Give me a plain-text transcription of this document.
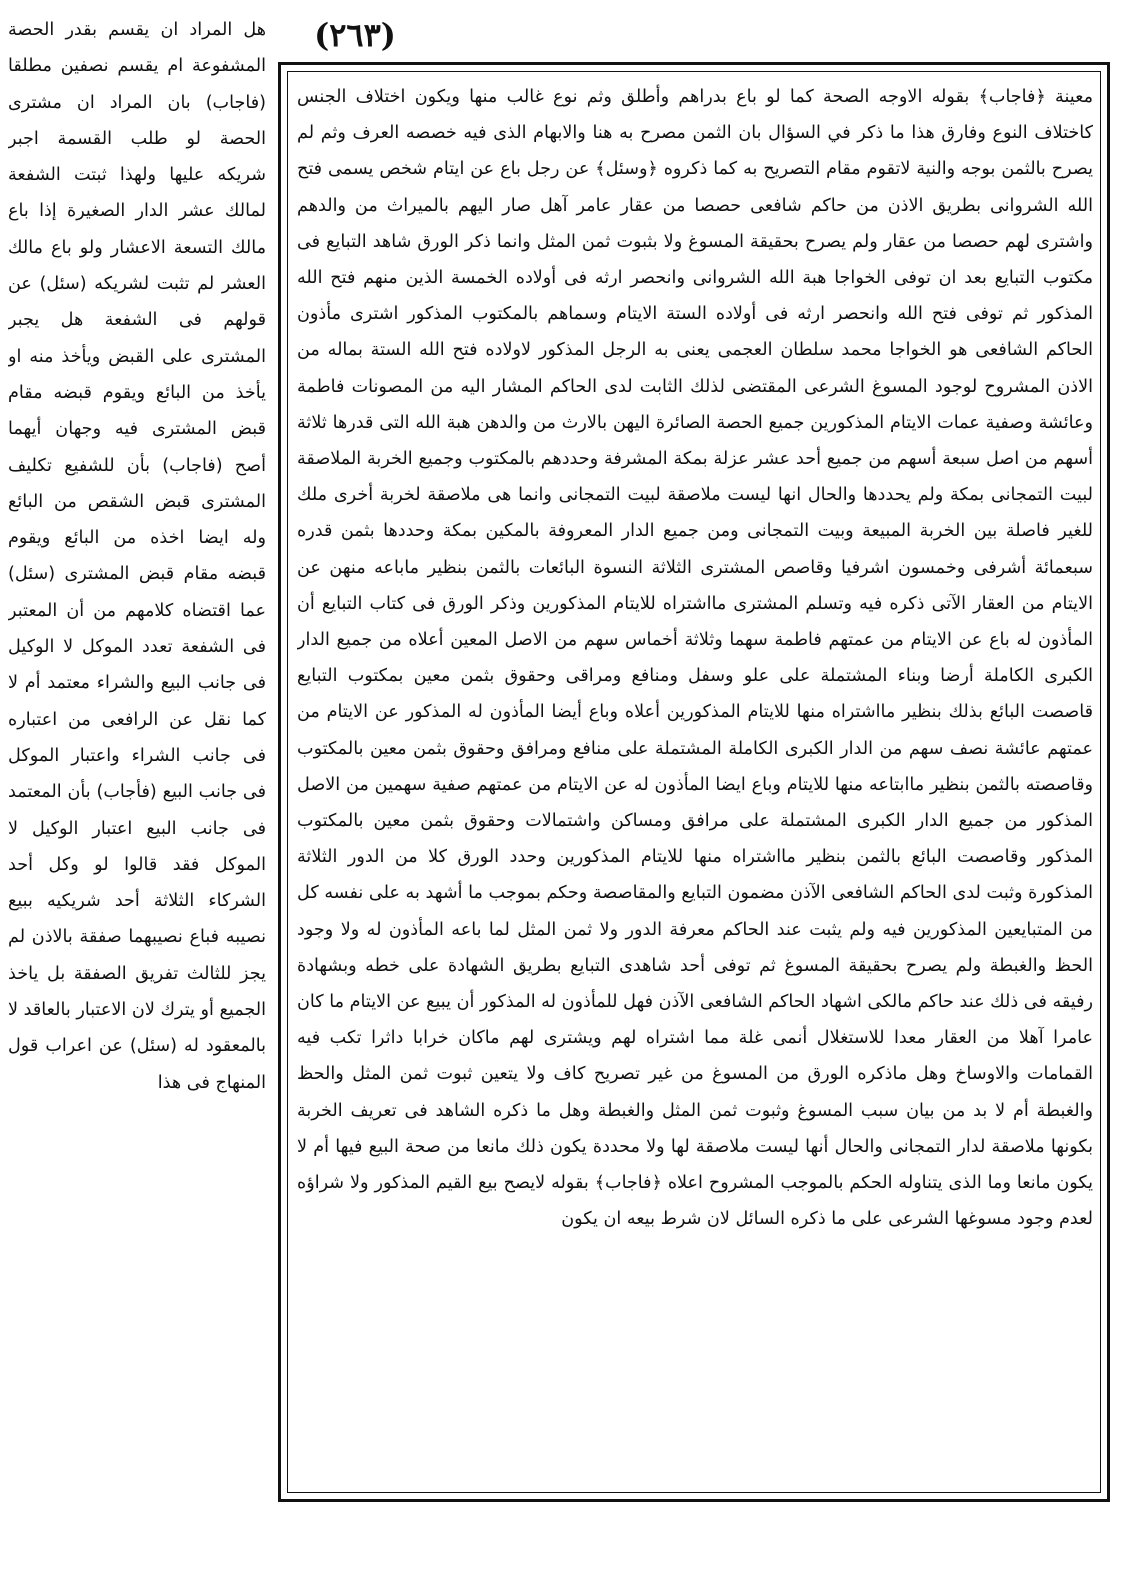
(٢٦٣)

معينة ﴿فاجاب﴾ بقوله الاوجه الصحة كما لو باع بدراهم وأطلق وثم نوع غالب منها ويكون اختلاف الجنس كاختلاف النوع وفارق هذا ما ذكر في السؤال بان الثمن مصرح به هنا والابهام الذى فيه خصصه العرف وثم لم يصرح بالثمن بوجه والنية لاتقوم مقام التصريح به كما ذكروه ﴿وسئل﴾ عن رجل باع عن ايتام شخص يسمى فتح الله الشروانى بطريق الاذن من حاكم شافعى حصصا من عقار عامر آهل صار اليهم بالميراث من والدهم واشترى لهم حصصا من عقار ولم يصرح بحقيقة المسوغ ولا بثبوت ثمن المثل وانما ذكر الورق شاهد التبايع فى مكتوب التبايع بعد ان توفى الخواجا هبة الله الشروانى وانحصر ارثه فى أولاده الخمسة الذين منهم فتح الله المذكور ثم توفى فتح الله وانحصر ارثه فى أولاده الستة الايتام وسماهم بالمكتوب المذكور اشترى مأذون الحاكم الشافعى هو الخواجا محمد سلطان العجمى يعنى به الرجل المذكور لاولاده فتح الله الستة بماله من الاذن المشروح لوجود المسوغ الشرعى المقتضى لذلك الثابت لدى الحاكم المشار اليه من المصونات فاطمة وعائشة وصفية عمات الايتام المذكورين جميع الحصة الصائرة اليهن بالارث من والدهن هبة الله التى قدرها ثلاثة أسهم من اصل سبعة أسهم من جميع أحد عشر عزلة بمكة المشرفة وحددهم بالمكتوب وجميع الخربة الملاصقة لبيت التمجانى بمكة ولم يحددها والحال انها ليست ملاصقة لبيت التمجانى وانما هى ملاصقة لخربة أخرى ملك للغير فاصلة بين الخربة المبيعة وبيت التمجانى ومن جميع الدار المعروفة بالمكين بمكة وحددها بثمن قدره سبعمائة أشرفى وخمسون اشرفيا وقاصص المشترى الثلاثة النسوة البائعات بالثمن بنظير ماباعه منهن عن الايتام من العقار الآتى ذكره فيه وتسلم المشترى مااشتراه للايتام المذكورين وذكر الورق فى كتاب التبايع أن المأذون له باع عن الايتام من عمتهم فاطمة سهما وثلاثة أخماس سهم من الاصل المعين أعلاه من جميع الدار الكبرى الكاملة أرضا وبناء المشتملة على علو وسفل ومنافع ومراقى وحقوق بثمن معين بمكتوب التبايع قاصصت البائع بذلك بنظير مااشتراه منها للايتام المذكورين أعلاه وباع أيضا المأذون له المذكور عن الايتام من عمتهم عائشة نصف سهم من الدار الكبرى الكاملة المشتملة على منافع ومرافق وحقوق بثمن معين بالمكتوب وقاصصته بالثمن بنظير ماابتاعه منها للايتام وباع ايضا المأذون له عن الايتام من عمتهم صفية سهمين من الاصل المذكور من جميع الدار الكبرى المشتملة على مرافق ومساكن واشتمالات وحقوق بثمن معين بالمكتوب المذكور وقاصصت البائع بالثمن بنظير مااشتراه منها للايتام المذكورين وحدد الورق كلا من الدور الثلاثة المذكورة وثبت لدى الحاكم الشافعى الآذن مضمون التبايع والمقاصصة وحكم بموجب ما أشهد به على نفسه كل من المتبايعين المذكورين فيه ولم يثبت عند الحاكم معرفة الدور ولا ثمن المثل لما باعه المأذون له ولا وجود الحظ والغبطة ولم يصرح بحقيقة المسوغ ثم توفى أحد شاهدى التبايع بطريق الشهادة على خطه وبشهادة رفيقه فى ذلك عند حاكم مالكى اشهاد الحاكم الشافعى الآذن فهل للمأذون له المذكور أن يبيع عن الايتام ما كان عامرا آهلا من العقار معدا للاستغلال أنمى غلة مما اشتراه لهم ويشترى لهم ماكان خرابا داثرا تكب فيه القمامات والاوساخ وهل ماذكره الورق من المسوغ من غير تصريح كاف ولا يتعين ثبوت ثمن المثل والحظ والغبطة أم لا بد من بيان سبب المسوغ وثبوت ثمن المثل والغبطة وهل ما ذكره الشاهد فى تعريف الخربة بكونها ملاصقة لدار التمجانى والحال أنها ليست ملاصقة لها ولا محددة يكون ذلك مانعا من صحة البيع فيها أم لا يكون مانعا وما الذى يتناوله الحكم بالموجب المشروح اعلاه ﴿فاجاب﴾ بقوله لايصح بيع القيم المذكور ولا شراؤه لعدم وجود مسوغها الشرعى على ما ذكره السائل لان شرط بيعه ان يكون

هل المراد ان يقسم بقدر الحصة المشفوعة ام يقسم نصفين مطلقا (فاجاب) بان المراد ان مشترى الحصة لو طلب القسمة اجبر شريكه عليها ولهذا ثبتت الشفعة لمالك عشر الدار الصغيرة إذا باع مالك التسعة الاعشار ولو باع مالك العشر لم تثبت لشريكه (سئل) عن قولهم فى الشفعة هل يجبر المشترى على القبض ويأخذ منه او يأخذ من البائع ويقوم قبضه مقام قبض المشترى فيه وجهان أيهما أصح (فاجاب) بأن للشفيع تكليف المشترى قبض الشقص من البائع وله ايضا اخذه من البائع ويقوم قبضه مقام قبض المشترى (سئل) عما اقتضاه كلامهم من أن المعتبر فى الشفعة تعدد الموكل لا الوكيل فى جانب البيع والشراء معتمد أم لا كما نقل عن الرافعى من اعتباره فى جانب الشراء واعتبار الموكل فى جانب البيع (فأجاب) بأن المعتمد فى جانب البيع اعتبار الوكيل لا الموكل فقد قالوا لو وكل أحد الشركاء الثلاثة أحد شريكيه ببيع نصيبه فباع نصيبهما صفقة بالاذن لم يجز للثالث تفريق الصفقة بل ياخذ الجميع أو يترك لان الاعتبار بالعاقد لا بالمعقود له (سئل) عن اعراب قول المنهاج فى هذا
